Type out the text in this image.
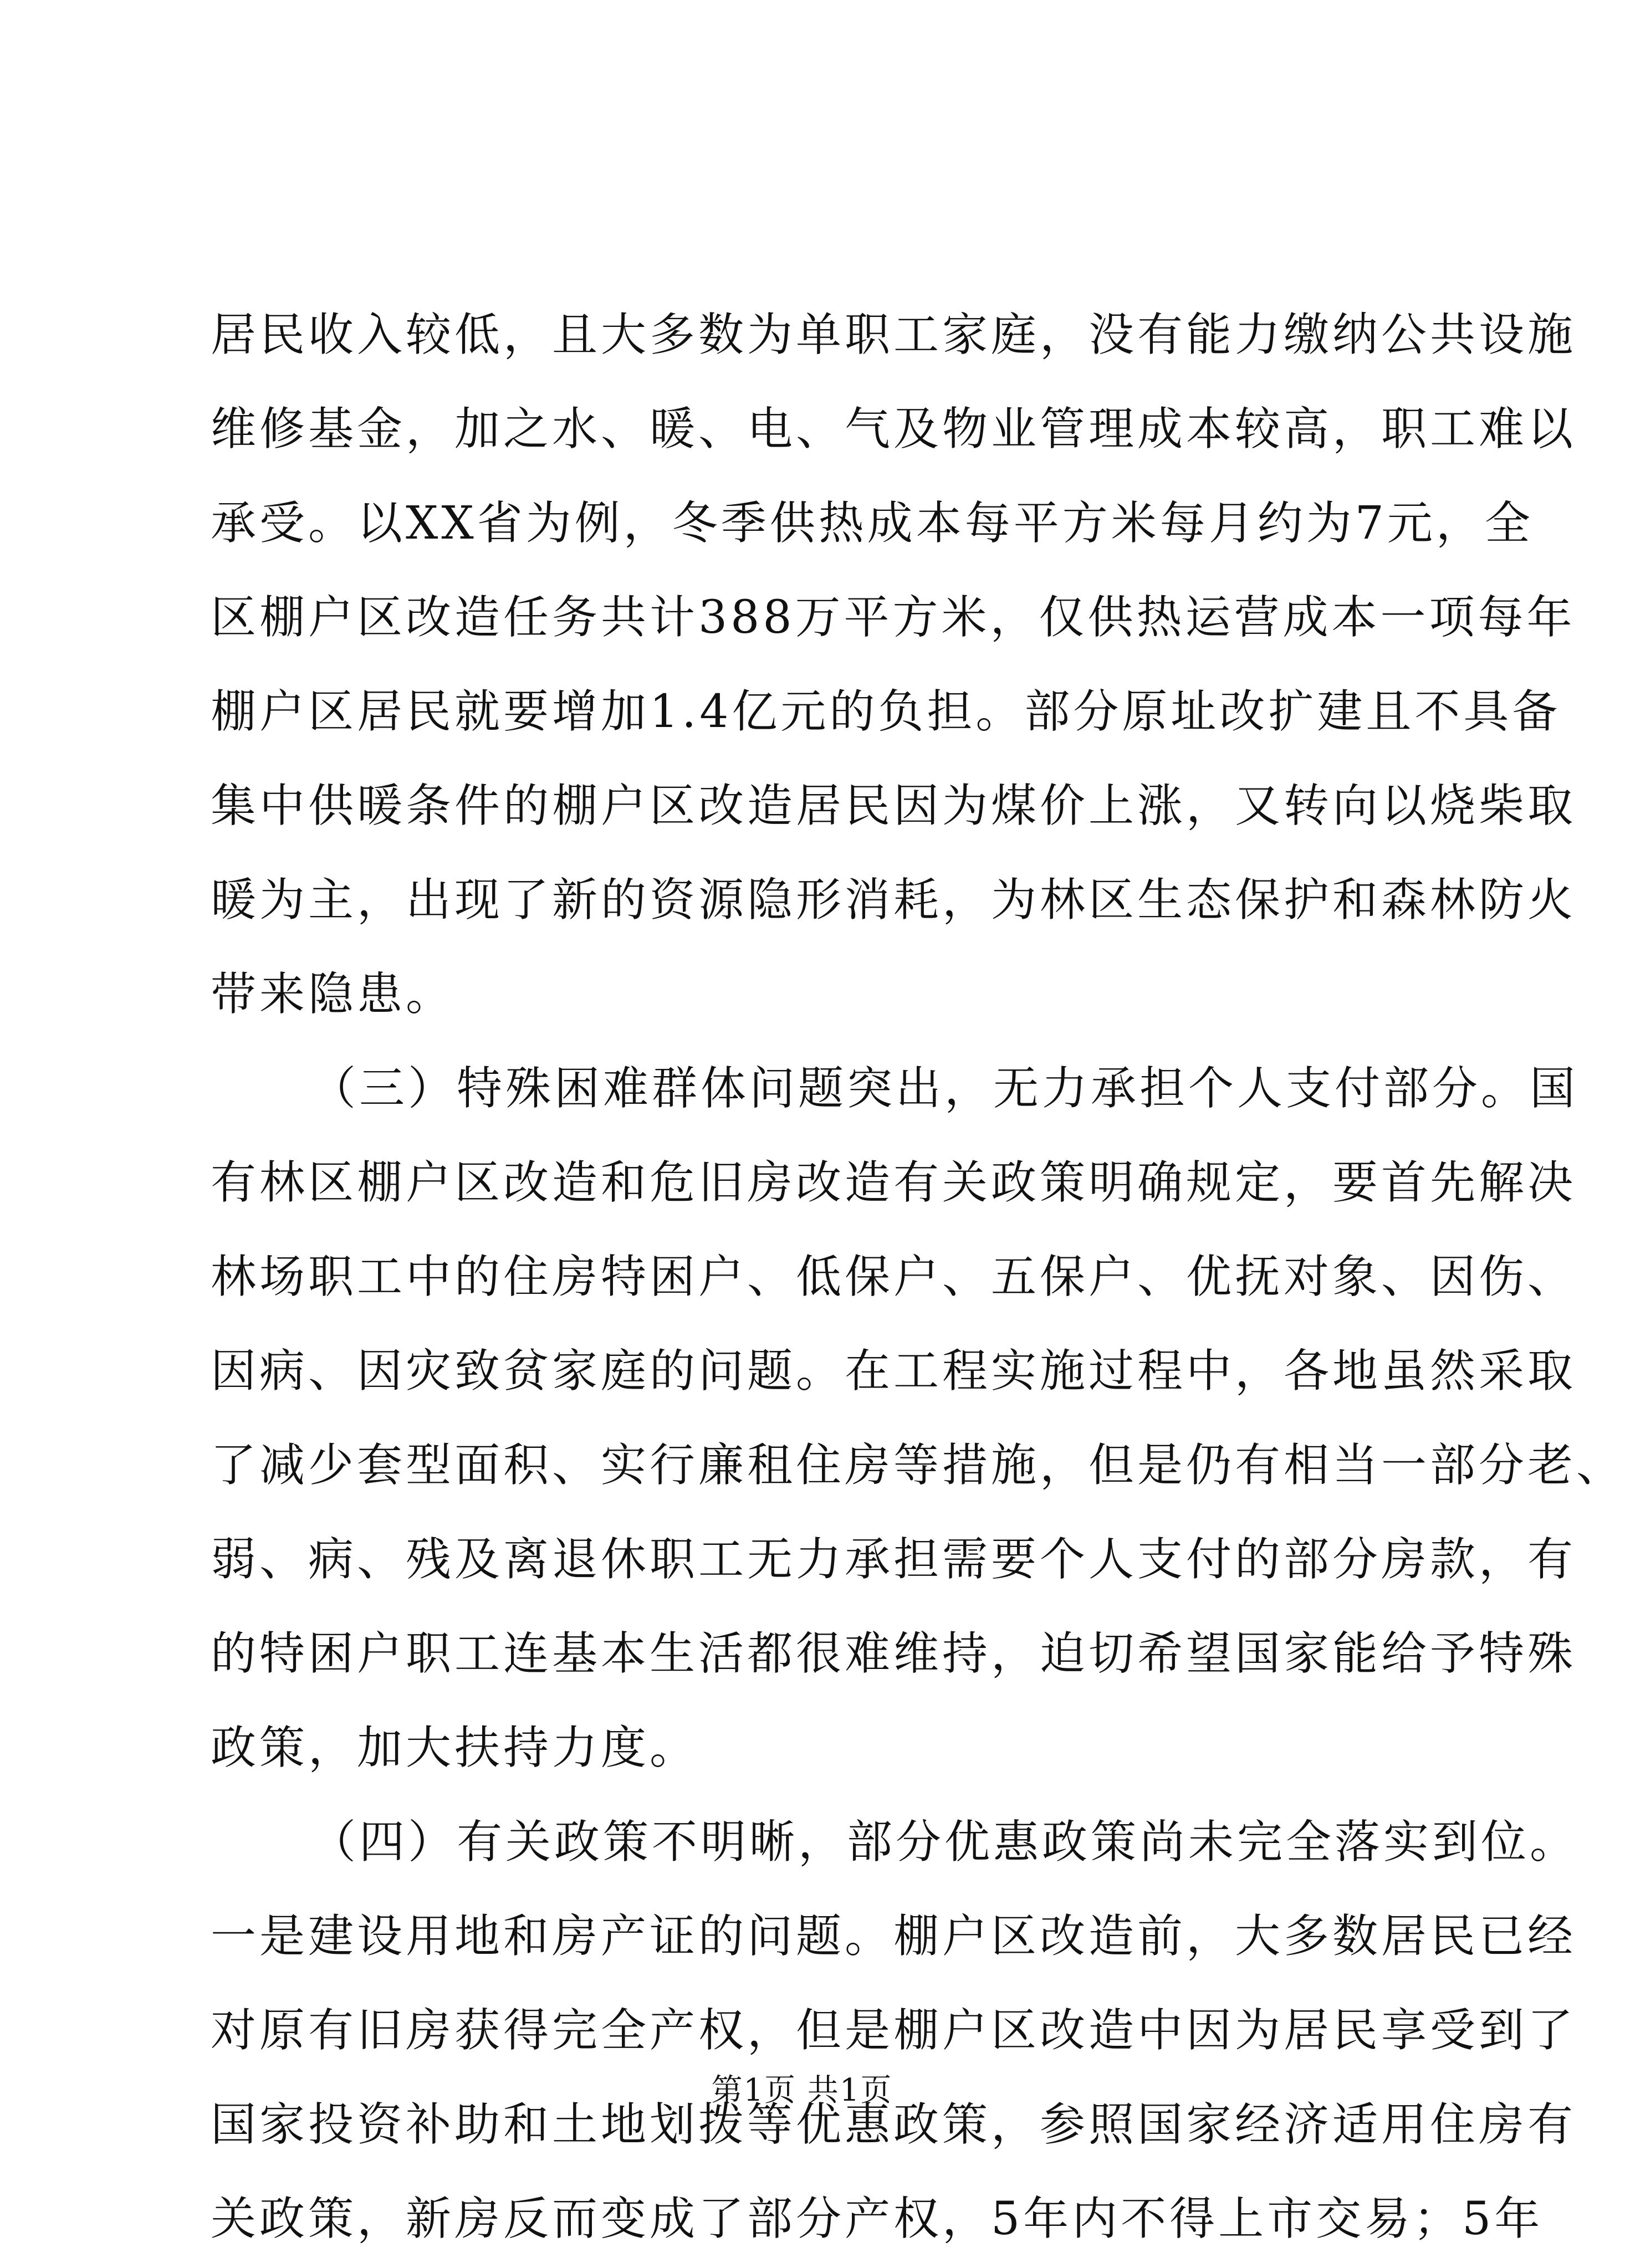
居民收入较低，且大多数为单职工家庭，没有能力缴纳公共设施
维修基金，加之水、暖、电、气及物业管理成本较高，职工难以
承受。以XX省为例，冬季供热成本每平方米每月约为7元，全
区棚户区改造任务共计388万平方米，仅供热运营成本一项每年
棚户区居民就要增加1.4亿元的负担。部分原址改扩建且不具备
集中供暖条件的棚户区改造居民因为煤价上涨，又转向以烧柴取
暖为主，出现了新的资源隐形消耗，为林区生态保护和森林防火
带来隐患。
（三）特殊困难群体问题突出，无力承担个人支付部分。国
有林区棚户区改造和危旧房改造有关政策明确规定，要首先解决
林场职工中的住房特困户、低保户、五保户、优抚对象、因伤、
因病、因灾致贫家庭的问题。在工程实施过程中，各地虽然采取
了减少套型面积、实行廉租住房等措施，但是仍有相当一部分老、
弱、病、残及离退休职工无力承担需要个人支付的部分房款，有
的特困户职工连基本生活都很难维持，迫切希望国家能给予特殊
政策，加大扶持力度。
（四）有关政策不明晰，部分优惠政策尚未完全落实到位。
一是建设用地和房产证的问题。棚户区改造前，大多数居民已经
对原有旧房获得完全产权，但是棚户区改造中因为居民享受到了
国家投资补助和土地划拨等优惠政策，参照国家经济适用住房有
关政策，新房反而变成了部分产权，5年内不得上市交易；5年
第1页 共1页
